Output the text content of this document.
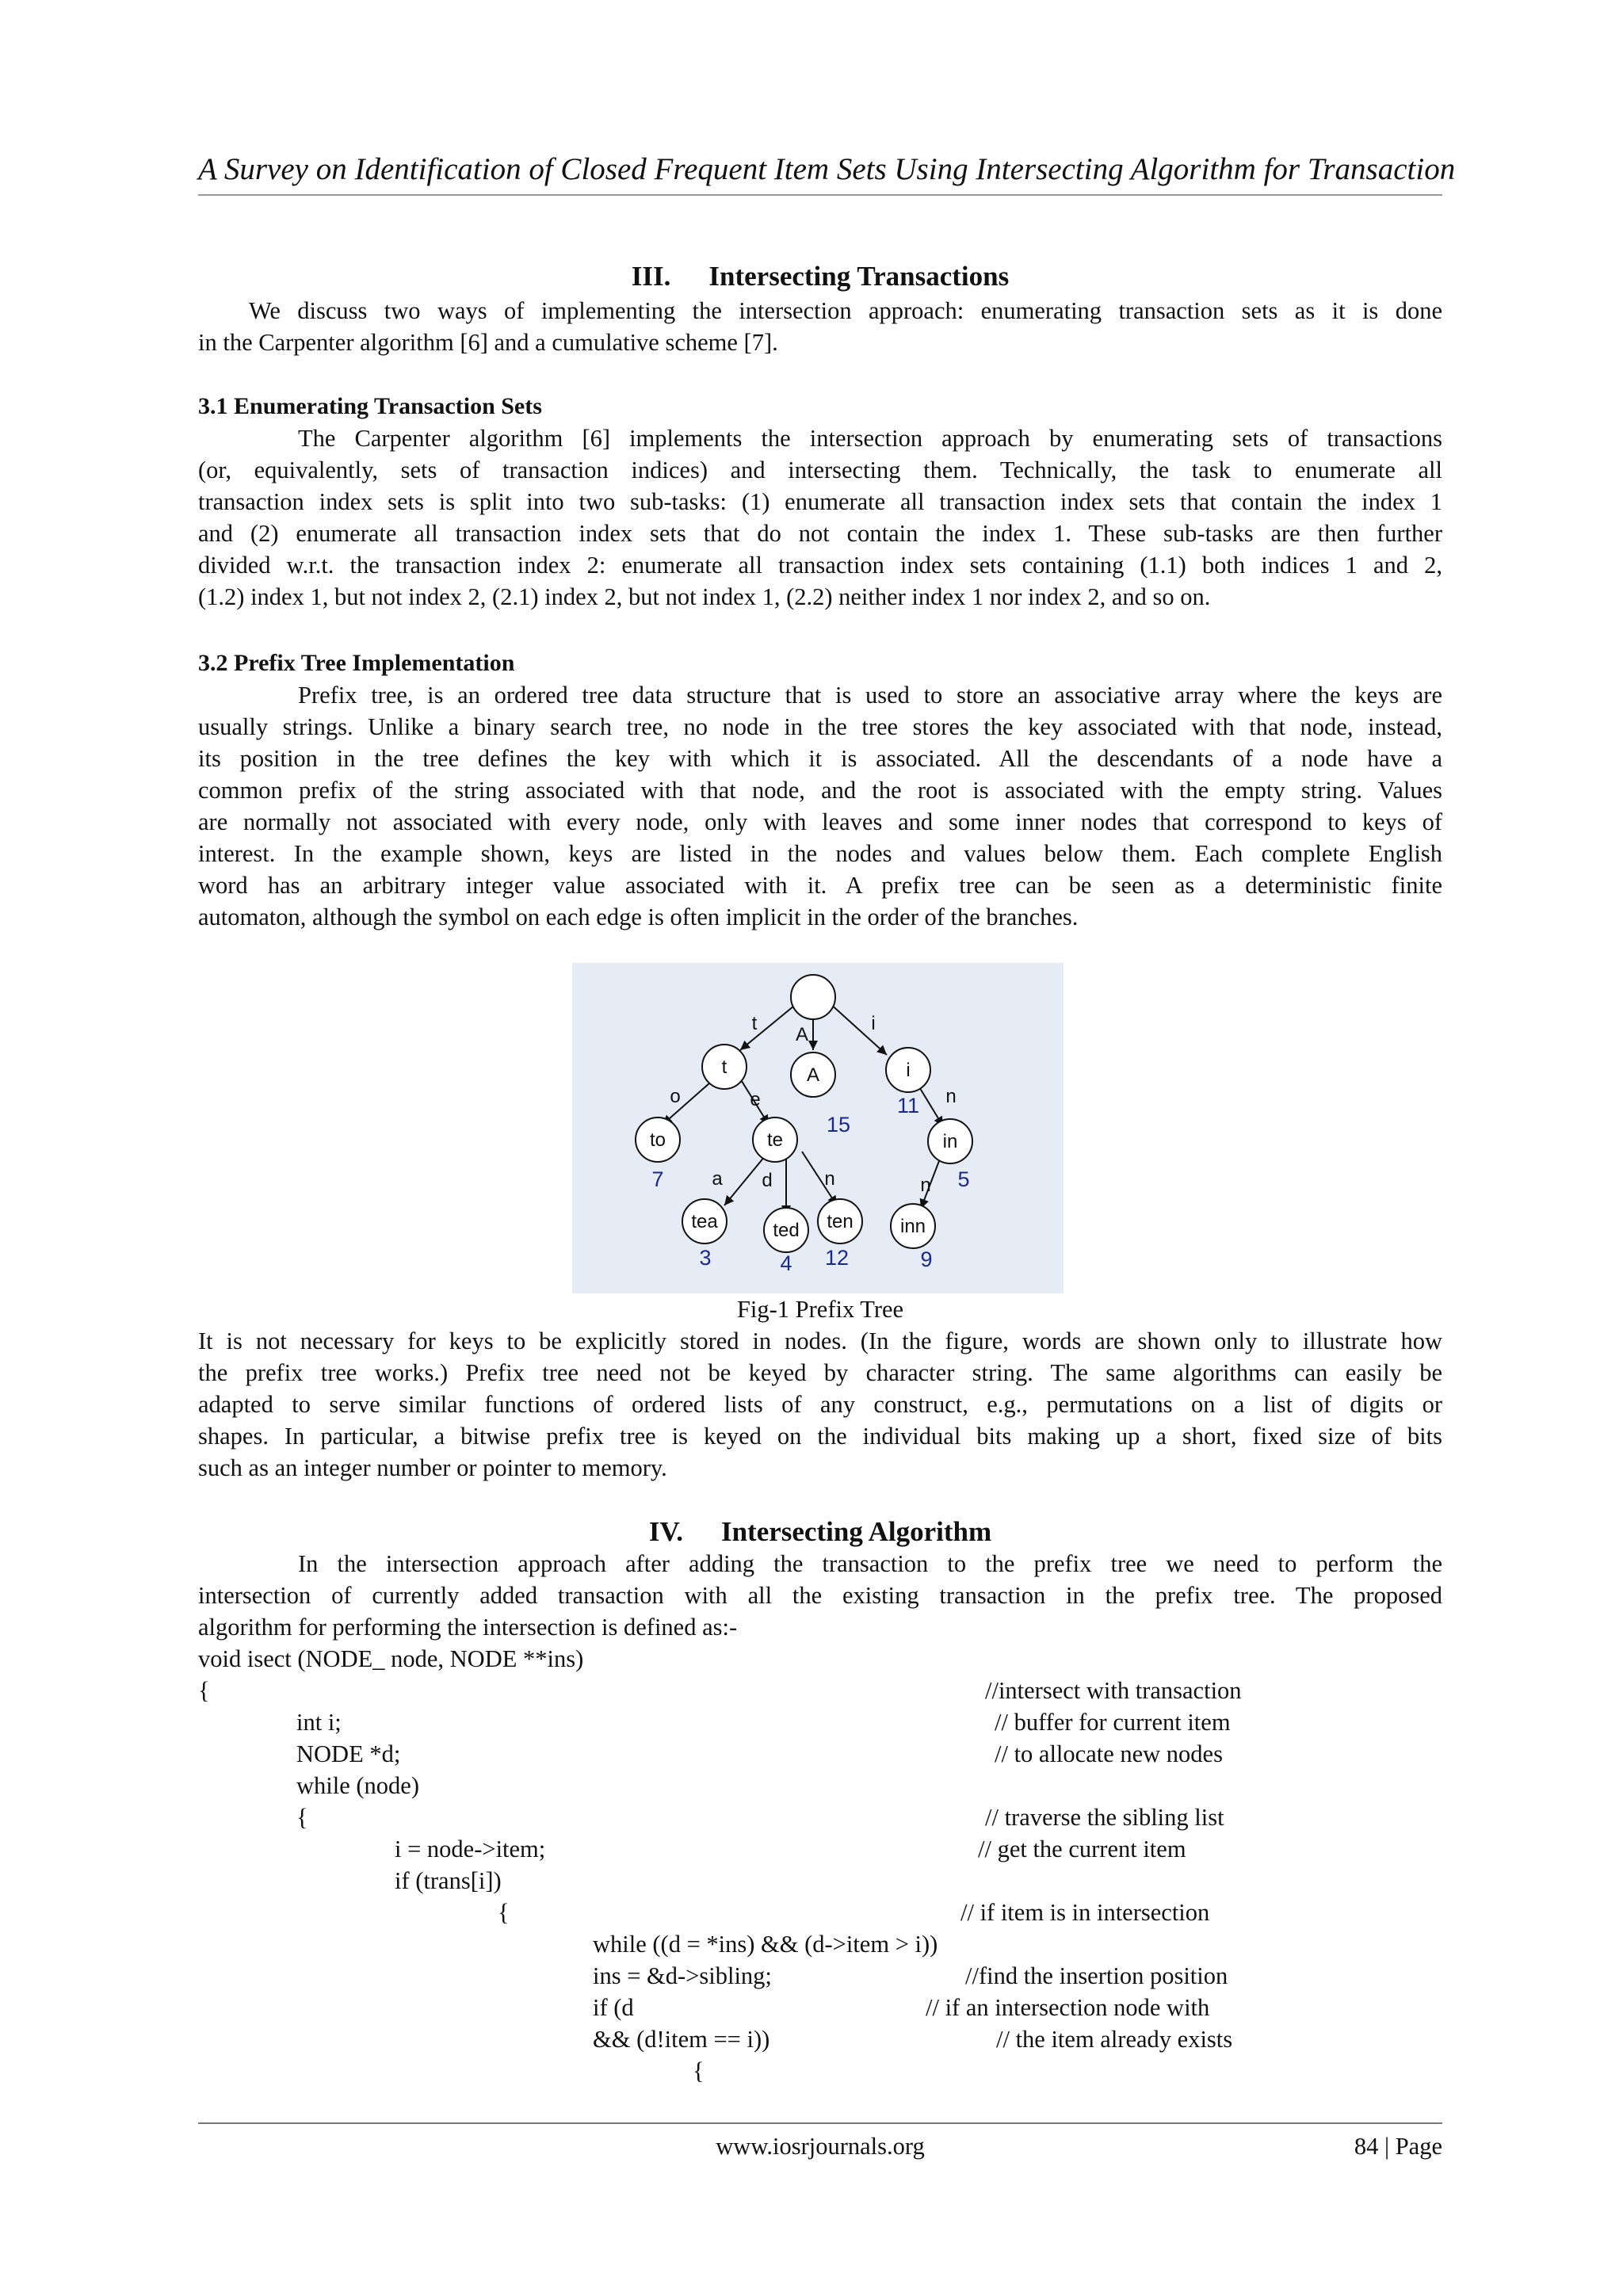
A Survey on Identification of Closed Frequent Item Sets Using Intersecting Algorithm for Transaction
III. Intersecting Transactions
We discuss two ways of implementing the intersection approach: enumerating transaction sets as it is done
in the Carpenter algorithm [6] and a cumulative scheme [7].
3.1 Enumerating Transaction Sets
The Carpenter algorithm [6] implements the intersection approach by enumerating sets of transactions
(or, equivalently, sets of transaction indices) and intersecting them. Technically, the task to enumerate all
transaction index sets is split into two sub-tasks: (1) enumerate all transaction index sets that contain the index 1
and (2) enumerate all transaction index sets that do not contain the index 1. These sub-tasks are then further
divided w.r.t. the transaction index 2: enumerate all transaction index sets containing (1.1) both indices 1 and 2,
(1.2) index 1, but not index 2, (2.1) index 2, but not index 1, (2.2) neither index 1 nor index 2, and so on.
3.2 Prefix Tree Implementation
Prefix tree, is an ordered tree data structure that is used to store an associative array where the keys are
usually strings. Unlike a binary search tree, no node in the tree stores the key associated with that node, instead,
its position in the tree defines the key with which it is associated. All the descendants of a node have a
common prefix of the string associated with that node, and the root is associated with the empty string. Values
are normally not associated with every node, only with leaves and some inner nodes that correspond to keys of
interest. In the example shown, keys are listed in the nodes and values below them. Each complete English
word has an arbitrary integer value associated with it. A prefix tree can be seen as a deterministic finite
automaton, although the symbol on each edge is often implicit in the order of the branches.
t	A	i
to	te	in
tea	ted ten inn
t
A
i
o	e	n
a d	n	n
15
11
7	5
3	4 12	9
Fig-1 Prefix Tree
It is not necessary for keys to be explicitly stored in nodes. (In the figure, words are shown only to illustrate how
the prefix tree works.) Prefix tree need not be keyed by character string. The same algorithms can easily be
adapted to serve similar functions of ordered lists of any construct, e.g., permutations on a list of digits or
shapes. In particular, a bitwise prefix tree is keyed on the individual bits making up a short, fixed size of bits
such as an integer number or pointer to memory.
IV. Intersecting Algorithm
In the intersection approach after adding the transaction to the prefix tree we need to perform the
intersection of currently added transaction with all the existing transaction in the prefix tree. The proposed
algorithm for performing the intersection is defined as:-
void isect (NODE_ node, NODE **ins)
{	//intersect with transaction
int i;	// buffer for current item
NODE *d;	// to allocate new nodes
while (node)
{	// traverse the sibling list
i = node->item;	// get the current item
if (trans[i])
{	// if item is in intersection
while ((d = *ins) && (d->item > i))
ins = &d->sibling;	//find the insertion position
if (d	// if an intersection node with
&& (d!item == i))	// the item already exists
{
www.iosrjournals.org	84 | Page
